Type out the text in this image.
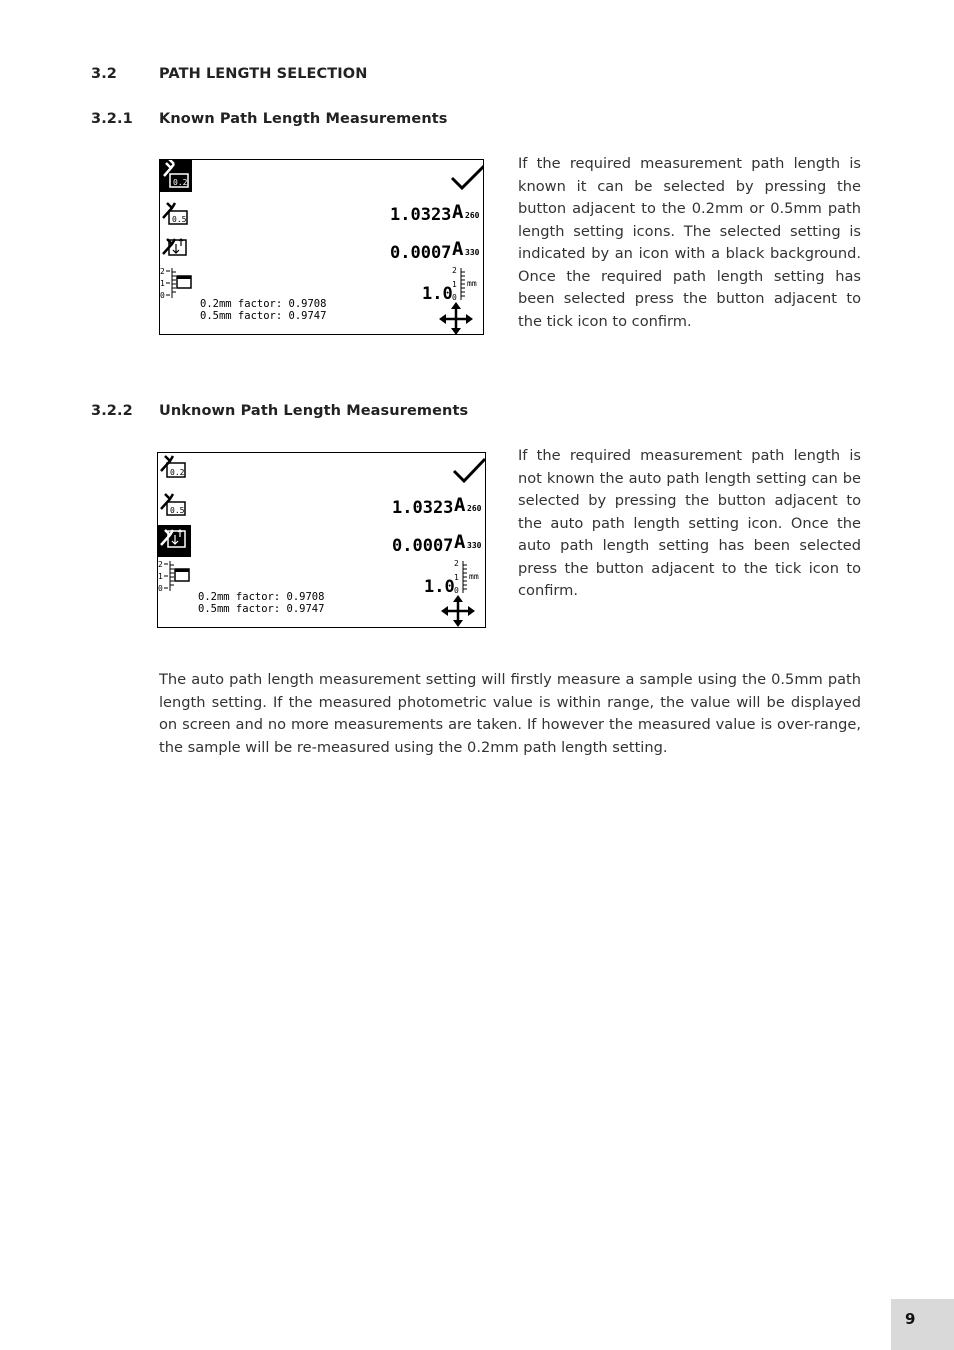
3.2	PATH LENGTH SELECTION
3.2.1 Known Path Length Measurements
0.2
0.5
2
1
0
0.2mm factor: 0.9708
0.5mm factor: 0.9747
1.0323 A 260
0.0007 A 330
1.0
2
1
0
mm
If the required measurement path length is known it can be selected by pressing the button adjacent to the 0.2mm or 0.5mm path length setting icons. The selected setting is indicated by an icon with a black background. Once the required path length setting has been selected press the button adjacent to the tick icon to confirm.
3.2.2 Unknown Path Length Measurements
0.2
0.5
2
1
0
0.2mm factor: 0.9708
0.5mm factor: 0.9747
1.0323 A 260
0.0007 A 330
1.0
2
1
0
mm
If the required measurement path length is not known the auto path length setting can be selected by pressing the button adjacent to the auto path length setting icon. Once the auto path length setting has been selected press the button adjacent to the tick icon to confirm.
The auto path length measurement setting will firstly measure a sample using the 0.5mm path length setting. If the measured photometric value is within range, the value will be displayed on screen and no more measurements are taken. If however the measured value is over-range, the sample will be re-measured using the 0.2mm path length setting.
9
